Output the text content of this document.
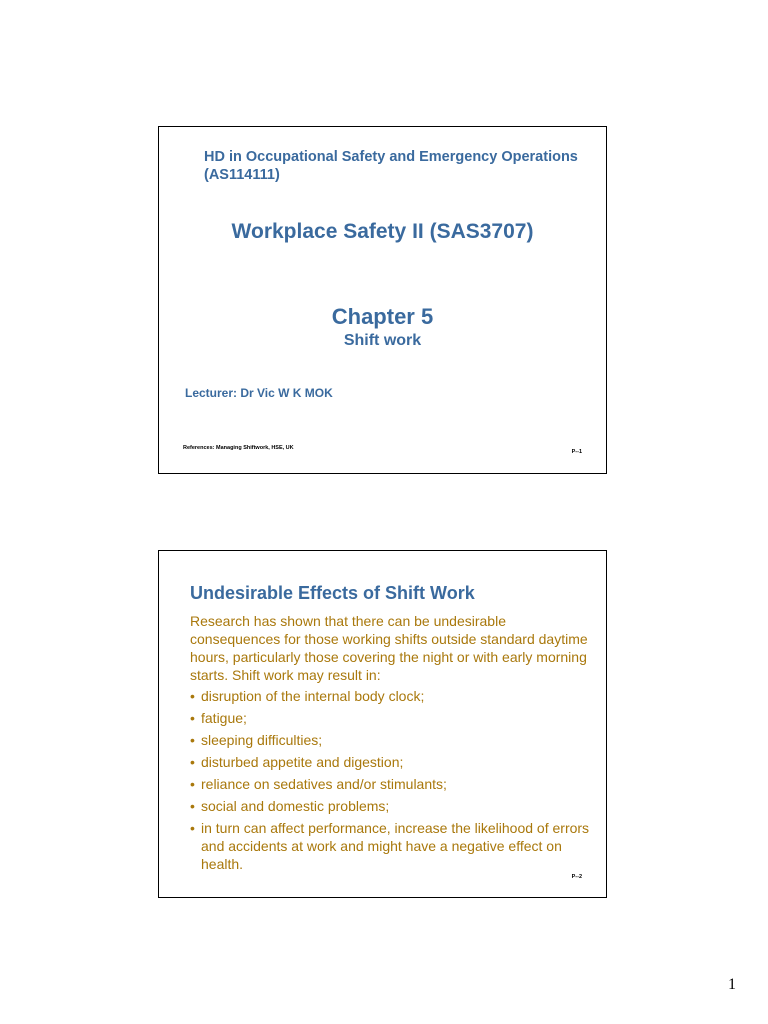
HD in Occupational Safety and Emergency Operations (AS114111)
Workplace Safety II (SAS3707)
Chapter 5
Shift work
Lecturer: Dr Vic W K MOK
References: Managing Shiftwork, HSE, UK
P--1
Undesirable Effects of Shift Work

Research has shown that there can be undesirable consequences for those working shifts outside standard daytime hours, particularly those covering the night or with early morning starts. Shift work may result in:

• disruption of the internal body clock;
• fatigue;
• sleeping difficulties;
• disturbed appetite and digestion;
• reliance on sedatives and/or stimulants;
• social and domestic problems;
• in turn can affect performance, increase the likelihood of errors and accidents at work and might have a negative effect on health.
P--2
1
